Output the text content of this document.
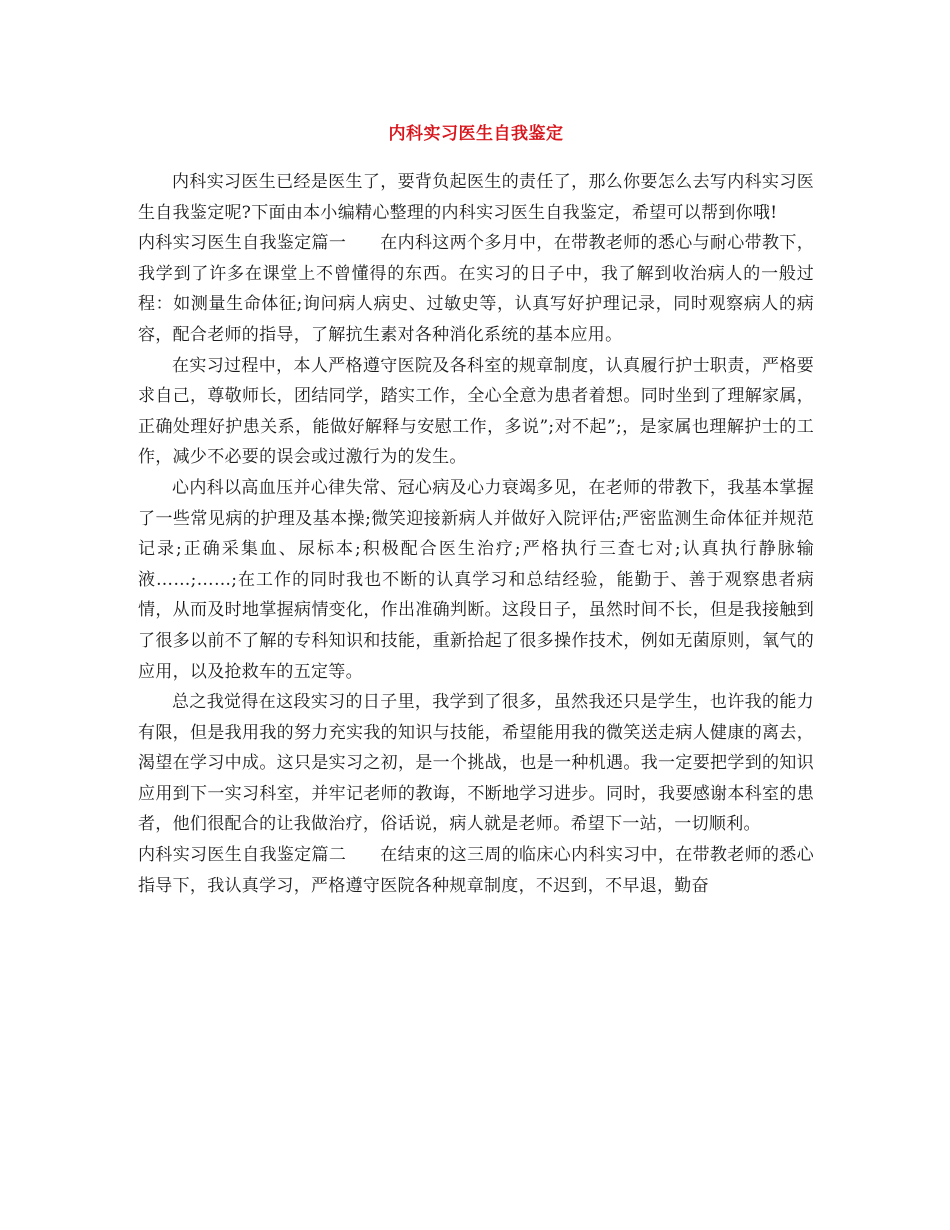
内科实习医生自我鉴定

内科实习医生已经是医生了，要背负起医生的责任了，那么你要怎么去写内科实习医生自我鉴定呢?下面由本小编精心整理的内科实习医生自我鉴定，希望可以帮到你哦!

内科实习医生自我鉴定篇一 在内科这两个多月中，在带教老师的悉心与耐心带教下，我学到了许多在课堂上不曾懂得的东西。在实习的日子中，我了解到收治病人的一般过程：如测量生命体征;询问病人病史、过敏史等，认真写好护理记录，同时观察病人的病容，配合老师的指导，了解抗生素对各种消化系统的基本应用。

在实习过程中，本人严格遵守医院及各科室的规章制度，认真履行护士职责，严格要求自己，尊敬师长，团结同学，踏实工作，全心全意为患者着想。同时坐到了理解家属，正确处理好护患关系，能做好解释与安慰工作，多说”;对不起”;，是家属也理解护士的工作，减少不必要的误会或过激行为的发生。

心内科以高血压并心律失常、冠心病及心力衰竭多见，在老师的带教下，我基本掌握了一些常见病的护理及基本操;微笑迎接新病人并做好入院评估;严密监测生命体征并规范记录;正确采集血、尿标本;积极配合医生治疗;严格执行三查七对;认真执行静脉输液……;……;在工作的同时我也不断的认真学习和总结经验，能勤于、善于观察患者病情，从而及时地掌握病情变化，作出准确判断。这段日子，虽然时间不长，但是我接触到了很多以前不了解的专科知识和技能，重新拾起了很多操作技术，例如无菌原则，氧气的应用，以及抢救车的五定等。

总之我觉得在这段实习的日子里，我学到了很多，虽然我还只是学生，也许我的能力有限，但是我用我的努力充实我的知识与技能，希望能用我的微笑送走病人健康的离去，渴望在学习中成。这只是实习之初，是一个挑战，也是一种机遇。我一定要把学到的知识应用到下一实习科室，并牢记老师的教诲，不断地学习进步。同时，我要感谢本科室的患者，他们很配合的让我做治疗，俗话说，病人就是老师。希望下一站，一切顺利。

内科实习医生自我鉴定篇二 在结束的这三周的临床心内科实习中，在带教老师的悉心指导下，我认真学习，严格遵守医院各种规章制度，不迟到，不早退，勤奋
